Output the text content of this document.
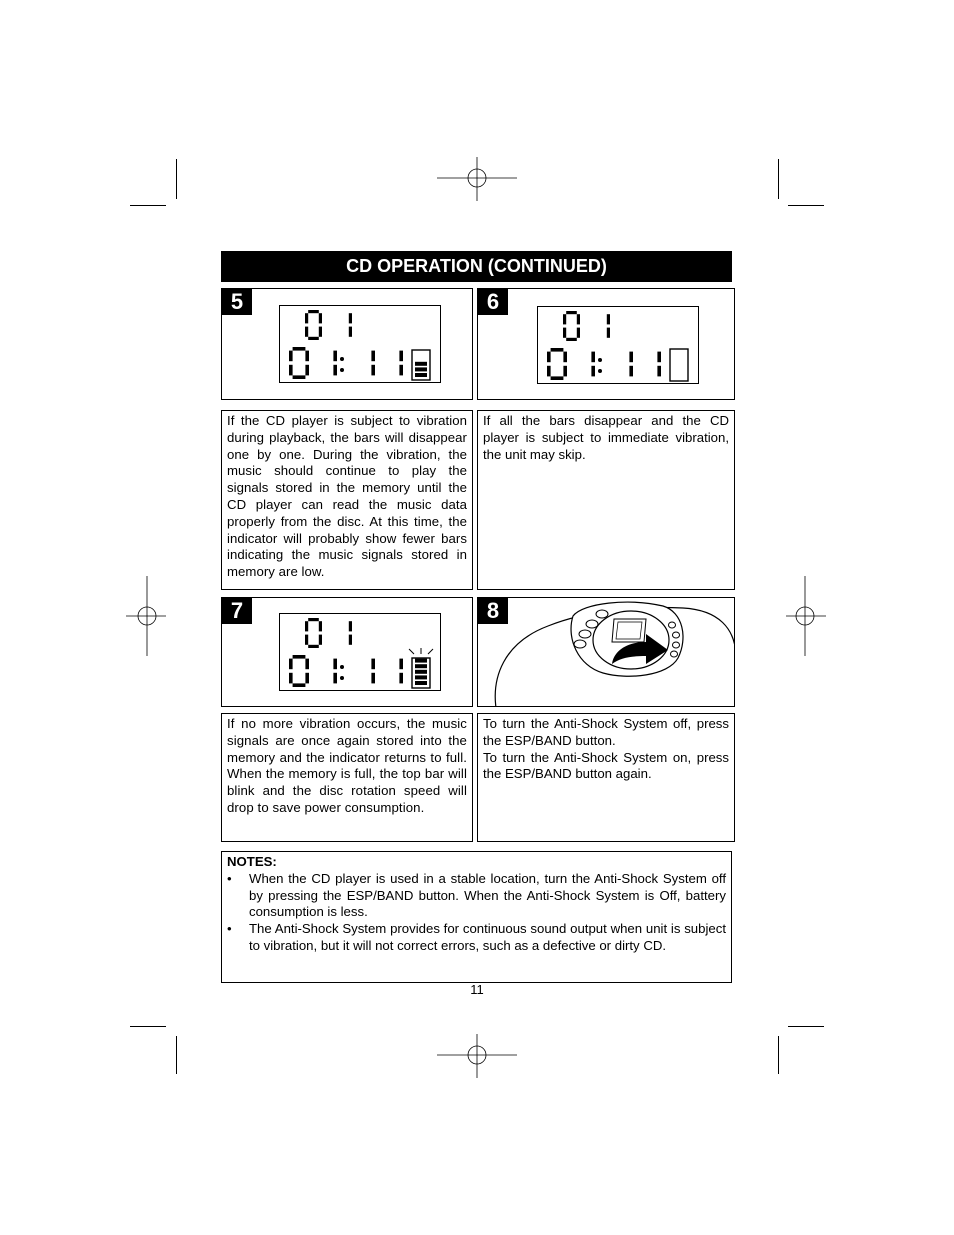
CD OPERATION (CONTINUED)
5
If the CD player is subject to vibration during playback, the bars will disappear one by one. During the vibration, the music should continue to play the signals stored in the memory until the CD player can read the music data properly from the disc. At this time, the indicator will probably show fewer bars indicating the music signals stored in memory are low.
6
If all the bars disappear and the CD player is subject to immediate vibration, the unit may skip.
7
If no more vibration occurs, the music signals are once again stored into the memory and the indicator returns to full. When the memory is full, the top bar will blink and the disc rotation speed will drop to save power consumption.
8
To turn the Anti-Shock System off, press the ESP/BAND button.
To turn the Anti-Shock System on, press the ESP/BAND button again.
NOTES:
• When the CD player is used in a stable location, turn the Anti-Shock System off by pressing the ESP/BAND button. When the Anti-Shock System is Off, battery consumption is less.
• The Anti-Shock System provides for continuous sound output when unit is subject to vibration, but it will not correct errors, such as a defective or dirty CD.
11
